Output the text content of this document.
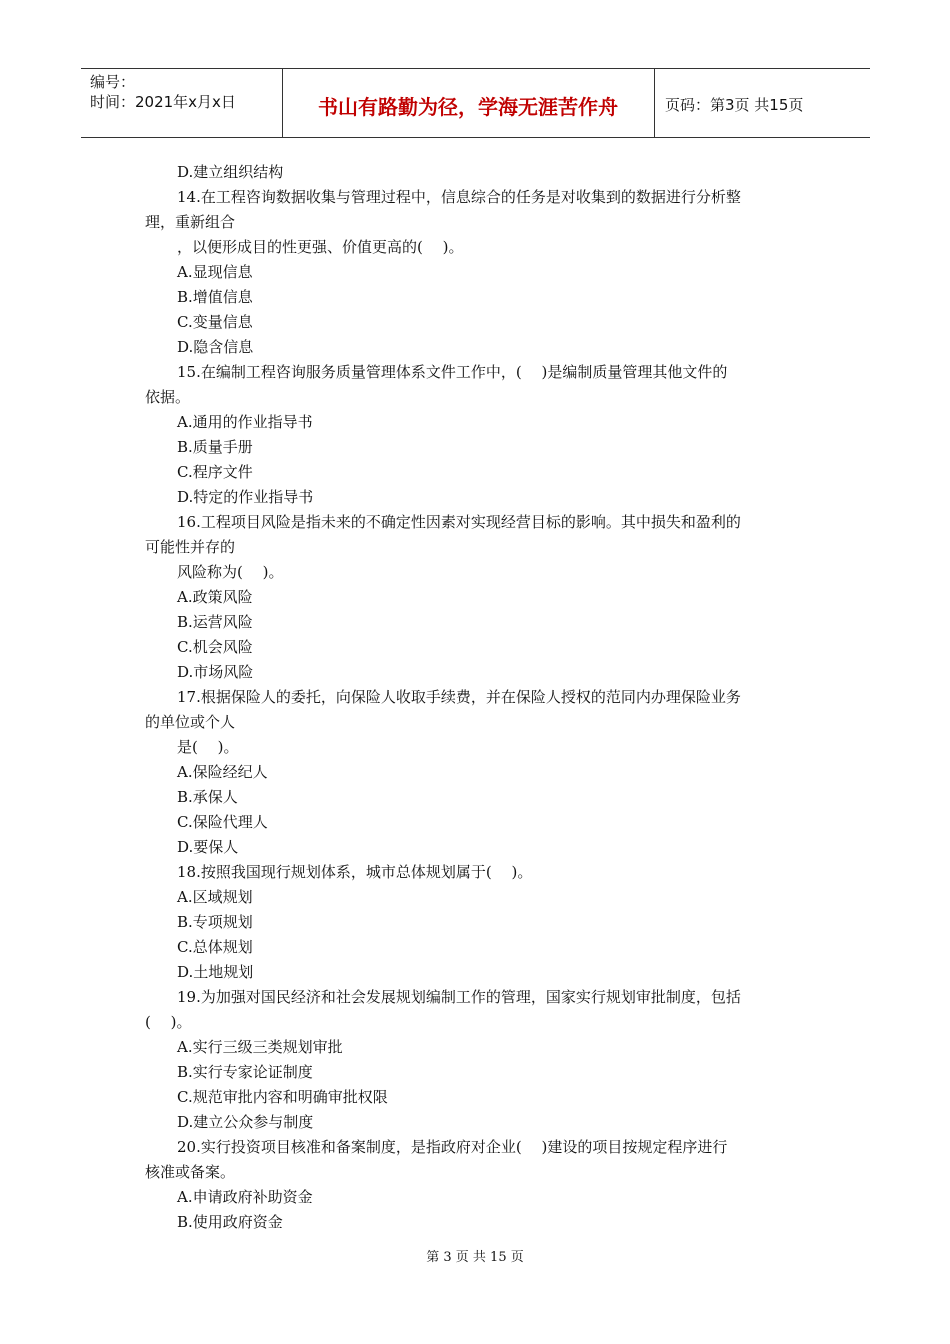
编号：
时间：2021年x月x日	书山有路勤为径，学海无涯苦作舟	页码：第3页 共15页
D.建立组织结构
14.在工程咨询数据收集与管理过程中，信息综合的任务是对收集到的数据进行分析整
理，重新组合
，以便形成目的性更强、价值更高的(　 )。
A.显现信息
B.增值信息
C.变量信息
D.隐含信息
15.在编制工程咨询服务质量管理体系文件工作中，(　 )是编制质量管理其他文件的
依据。
A.通用的作业指导书
B.质量手册
C.程序文件
D.特定的作业指导书
16.工程项目风险是指未来的不确定性因素对实现经营目标的影响。其中损失和盈利的
可能性并存的
风险称为(　 )。
A.政策风险
B.运营风险
C.机会风险
D.市场风险
17.根据保险人的委托，向保险人收取手续费，并在保险人授权的范同内办理保险业务
的单位或个人
是(　 )。
A.保险经纪人
B.承保人
C.保险代理人
D.要保人
18.按照我国现行规划体系，城市总体规划属于(　 )。
A.区域规划
B.专项规划
C.总体规划
D.土地规划
19.为加强对国民经济和社会发展规划编制工作的管理，国家实行规划审批制度，包括
(　 )。
A.实行三级三类规划审批
B.实行专家论证制度
C.规范审批内容和明确审批权限
D.建立公众参与制度
20.实行投资项目核准和备案制度，是指政府对企业(　 )建设的项目按规定程序进行
核准或备案。
A.申请政府补助资金
B.使用政府资金
第 3 页 共 15 页
